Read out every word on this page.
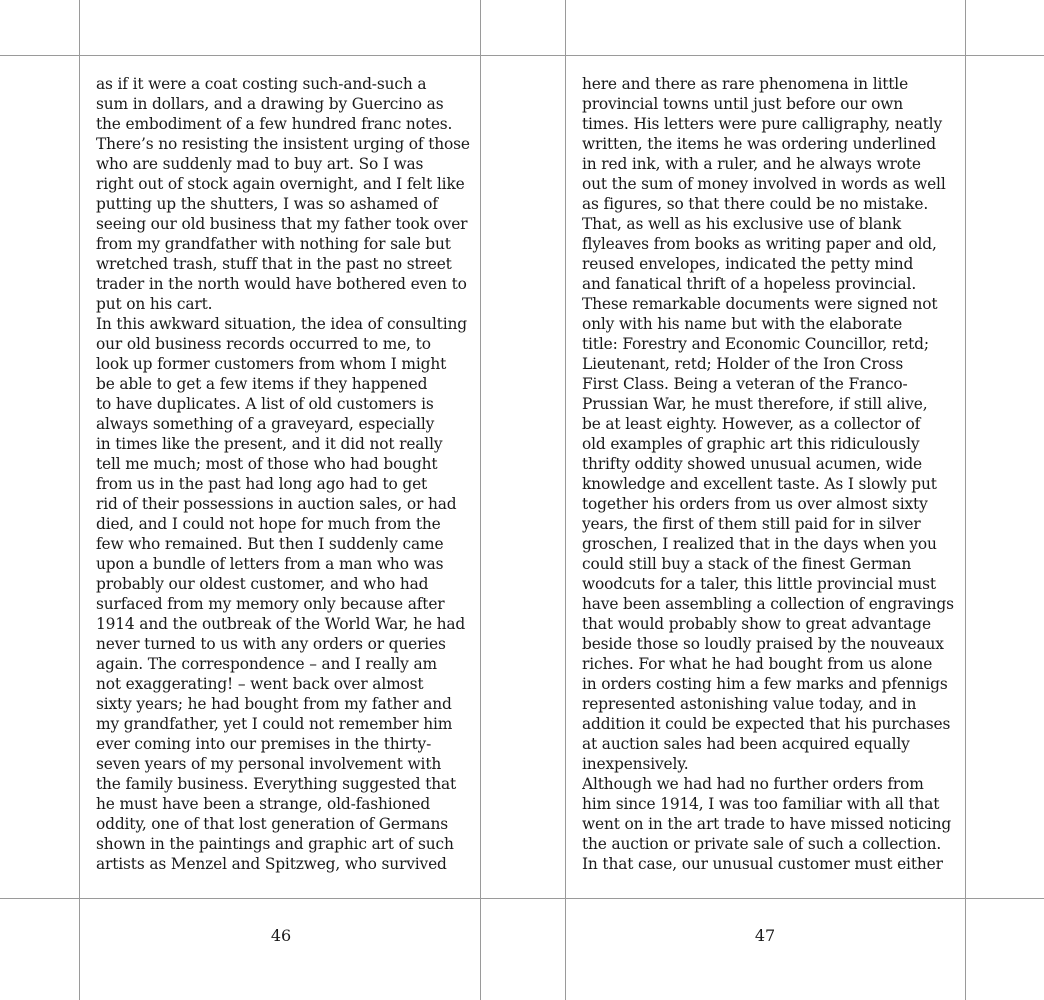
as if it were a coat costing such-and-such a
sum in dollars, and a drawing by Guercino as
the embodiment of a few hundred franc notes.
There’s no resisting the insistent urging of those
who are suddenly mad to buy art. So I was
right out of stock again overnight, and I felt like
putting up the shutters, I was so ashamed of
seeing our old business that my father took over
from my grandfather with nothing for sale but
wretched trash, stuff that in the past no street
trader in the north would have bothered even to
put on his cart.
In this awkward situation, the idea of consulting
our old business records occurred to me, to
look up former customers from whom I might
be able to get a few items if they happened
to have duplicates. A list of old customers is
always something of a graveyard, especially
in times like the present, and it did not really
tell me much; most of those who had bought
from us in the past had long ago had to get
rid of their possessions in auction sales, or had
died, and I could not hope for much from the
few who remained. But then I suddenly came
upon a bundle of letters from a man who was
probably our oldest customer, and who had
surfaced from my memory only because after
1914 and the outbreak of the World War, he had
never turned to us with any orders or queries
again. The correspondence – and I really am
not exaggerating! – went back over almost
sixty years; he had bought from my father and
my grandfather, yet I could not remember him
ever coming into our premises in the thirty-
seven years of my personal involvement with
the family business. Everything suggested that
he must have been a strange, old-fashioned
oddity, one of that lost generation of Germans
shown in the paintings and graphic art of such
artists as Menzel and Spitzweg, who survived
46
here and there as rare phenomena in little
provincial towns until just before our own
times. His letters were pure calligraphy, neatly
written, the items he was ordering underlined
in red ink, with a ruler, and he always wrote
out the sum of money involved in words as well
as figures, so that there could be no mistake.
That, as well as his exclusive use of blank
flyleaves from books as writing paper and old,
reused envelopes, indicated the petty mind
and fanatical thrift of a hopeless provincial.
These remarkable documents were signed not
only with his name but with the elaborate
title: Forestry and Economic Councillor, retd;
Lieutenant, retd; Holder of the Iron Cross
First Class. Being a veteran of the Franco-
Prussian War, he must therefore, if still alive,
be at least eighty. However, as a collector of
old examples of graphic art this ridiculously
thrifty oddity showed unusual acumen, wide
knowledge and excellent taste. As I slowly put
together his orders from us over almost sixty
years, the first of them still paid for in silver
groschen, I realized that in the days when you
could still buy a stack of the finest German
woodcuts for a taler, this little provincial must
have been assembling a collection of engravings
that would probably show to great advantage
beside those so loudly praised by the nouveaux
riches. For what he had bought from us alone
in orders costing him a few marks and pfennigs
represented astonishing value today, and in
addition it could be expected that his purchases
at auction sales had been acquired equally
inexpensively.
Although we had had no further orders from
him since 1914, I was too familiar with all that
went on in the art trade to have missed noticing
the auction or private sale of such a collection.
In that case, our unusual customer must either
47
